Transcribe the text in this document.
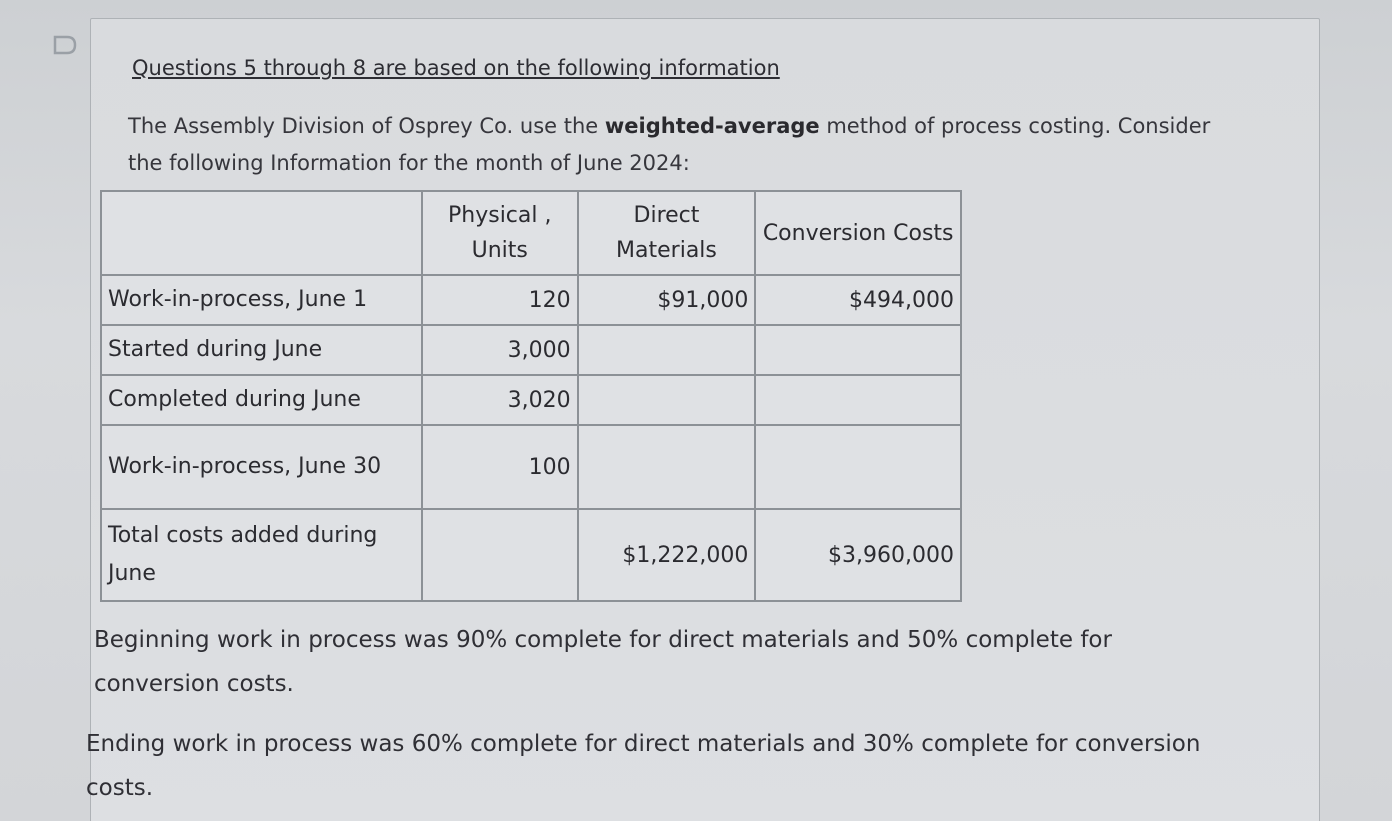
Questions 5 through 8 are based on the following information
The Assembly Division of Osprey Co. use the weighted-average method of process costing. Consider the following Information for the month of June 2024:
	Physical , Units	Direct Materials	Conversion Costs
Work-in-process, June 1	120	$91,000	$494,000
Started during June	3,000		
Completed during June	3,020		
Work-in-process, June 30	100		
Total costs added during June		$1,222,000	$3,960,000
Beginning work in process was 90% complete for direct materials and 50% complete for conversion costs.
Ending work in process was 60% complete for direct materials and 30% complete for conversion costs.
